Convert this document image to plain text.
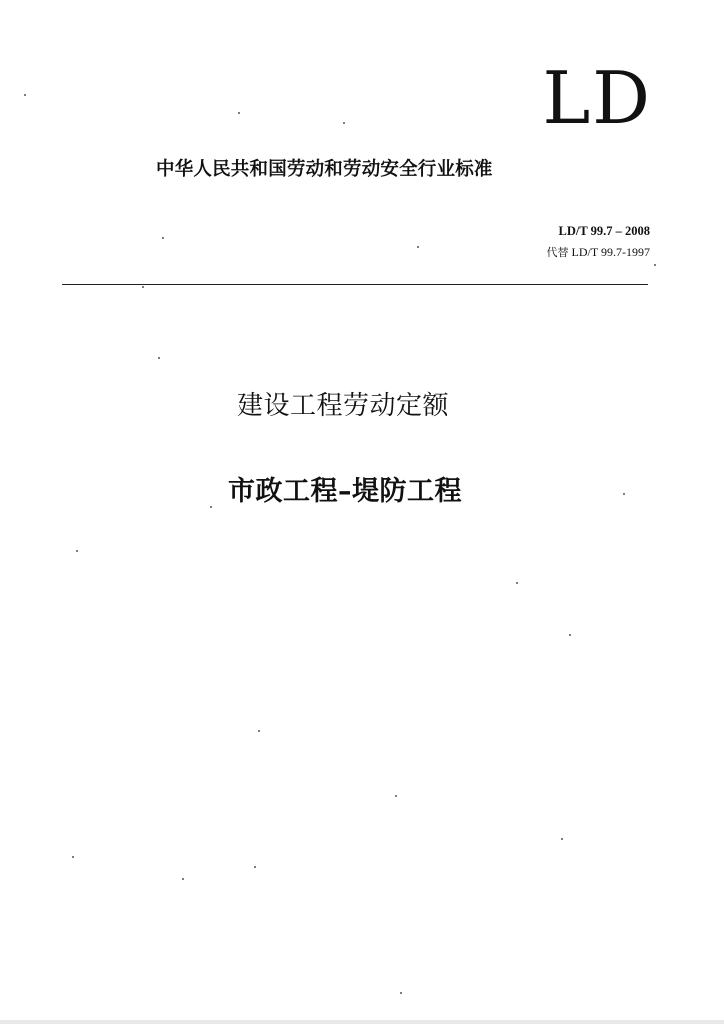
LD
中华人民共和国劳动和劳动安全行业标准
LD/T 99.7 – 2008
代替 LD/T 99.7-1997
建设工程劳动定额
市政工程–堤防工程
